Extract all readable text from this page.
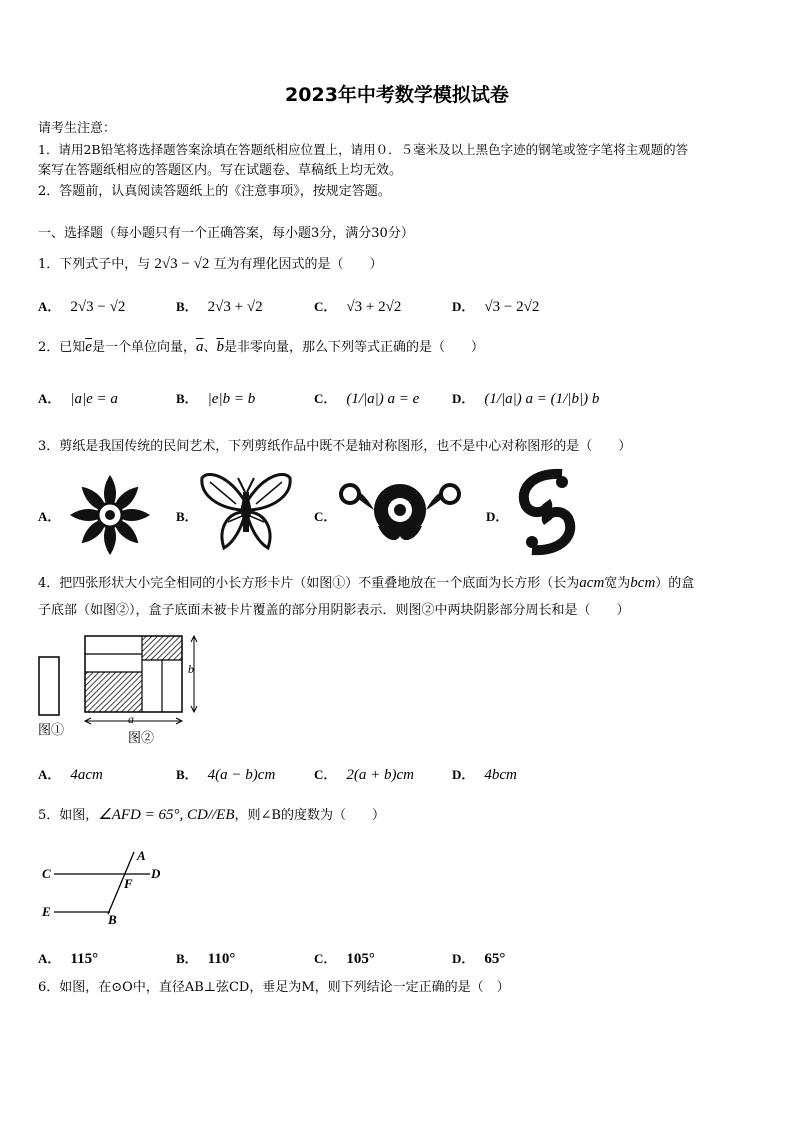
2023年中考数学模拟试卷
请考生注意：
1．请用2B铅笔将选择题答案涂填在答题纸相应位置上，请用０．５毫米及以上黑色字迹的钢笔或签字笔将主观题的答
案写在答题纸相应的答题区内。写在试题卷、草稿纸上均无效。
2．答题前，认真阅读答题纸上的《注意事项》，按规定答题。
一、选择题（每小题只有一个正确答案，每小题3分，满分30分）
1．下列式子中，与 2√3 − √2 互为有理化因式的是（　　）
A． 2√3 − √2	B． 2√3 + √2	C． √3 + 2√2	D． √3 − 2√2
2．已知$\overline{e}$是一个单位向量，$\overline{a}$、$\overline{b}$是非零向量，那么下列等式正确的是（　　）
A． |a|e = a	B． |e|b = b	C． (1/|a|) a = e	D． (1/|a|) a = (1/|b|) b
3．剪纸是我国传统的民间艺术，下列剪纸作品中既不是轴对称图形，也不是中心对称图形的是（　　）
A．	B．	C．	D．
4．把四张形状大小完全相同的小长方形卡片（如图①）不重叠地放在一个底面为长方形（长为acm宽为bcm）的盒
子底部（如图②），盒子底面未被卡片覆盖的部分用阴影表示．则图②中两块阴影部分周长和是（　　）
图①
b
a
图②
A． 4acm	B． 4(a − b)cm	C． 2(a + b)cm	D． 4bcm
5．如图，∠AFD = 65°, CD//EB，则∠B的度数为（　　）
A
C	D
F
E
B
A． 115°	B． 110°	C． 105°	D． 65°
6．如图，在⊙O中，直径AB⊥弦CD，垂足为M，则下列结论一定正确的是（　）
